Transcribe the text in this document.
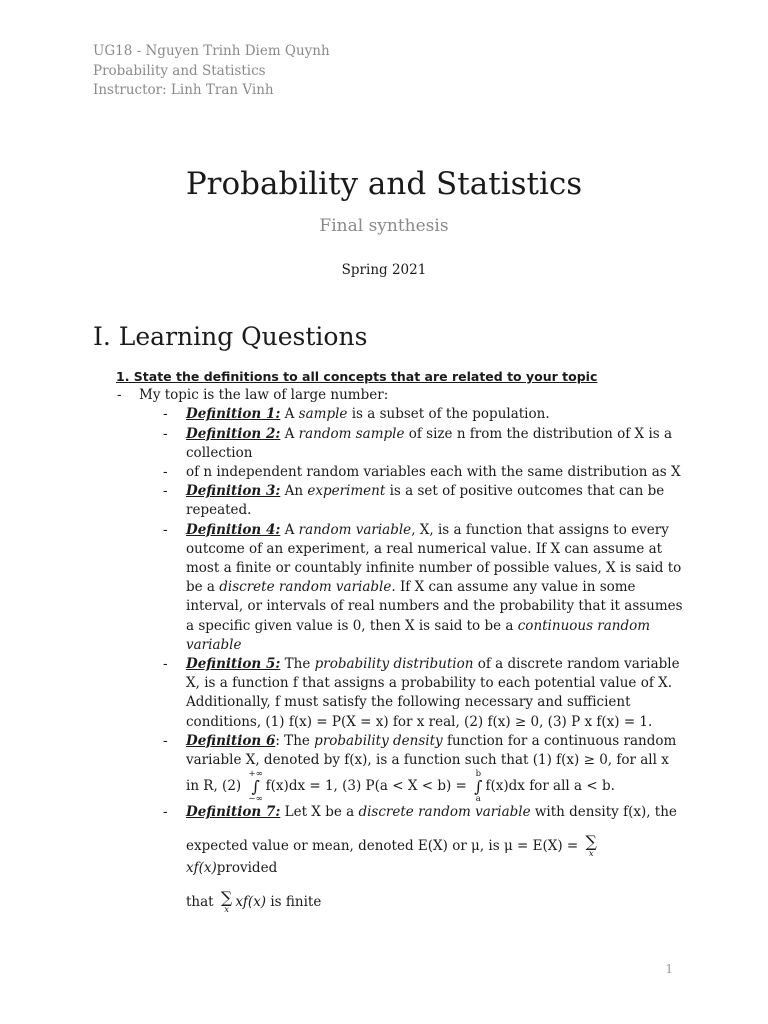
UG18 - Nguyen Trinh Diem Quynh
Probability and Statistics
Instructor: Linh Tran Vinh
Probability and Statistics
Final synthesis
Spring 2021
I. Learning Questions
1. State the definitions to all concepts that are related to your topic
- My topic is the law of large number:
- Definition 1: A sample is a subset of the population.
- Definition 2: A random sample of size n from the distribution of X is a collection
- of n independent random variables each with the same distribution as X
- Definition 3: An experiment is a set of positive outcomes that can be repeated.
- Definition 4: A random variable, X, is a function that assigns to every outcome of an experiment, a real numerical value. If X can assume at most a finite or countably infinite number of possible values, X is said to be a discrete random variable. If X can assume any value in some interval, or intervals of real numbers and the probability that it assumes a specific given value is 0, then X is said to be a continuous random variable
- Definition 5: The probability distribution of a discrete random variable X, is a function f that assigns a probability to each potential value of X. Additionally, f must satisfy the following necessary and sufficient conditions, (1) f(x) = P(X = x) for x real, (2) f(x) ≥ 0, (3) P x f(x) = 1.
- Definition 6: The probability density function for a continuous random variable X, denoted by f(x), is a function such that (1) f(x) ≥ 0, for all x in R, (2)
+∞
∫
−∞
f(x)dx = 1, (3) P(a < X < b) =
b
∫
a
f(x)dx for all a < b.
- Definition 7: Let X be a discrete random variable with density f(x), the
expected value or mean, denoted E(X) or μ, is μ = E(X) = ∑
x
xf(x)provided
that ∑
x
xf(x) is finite
1
